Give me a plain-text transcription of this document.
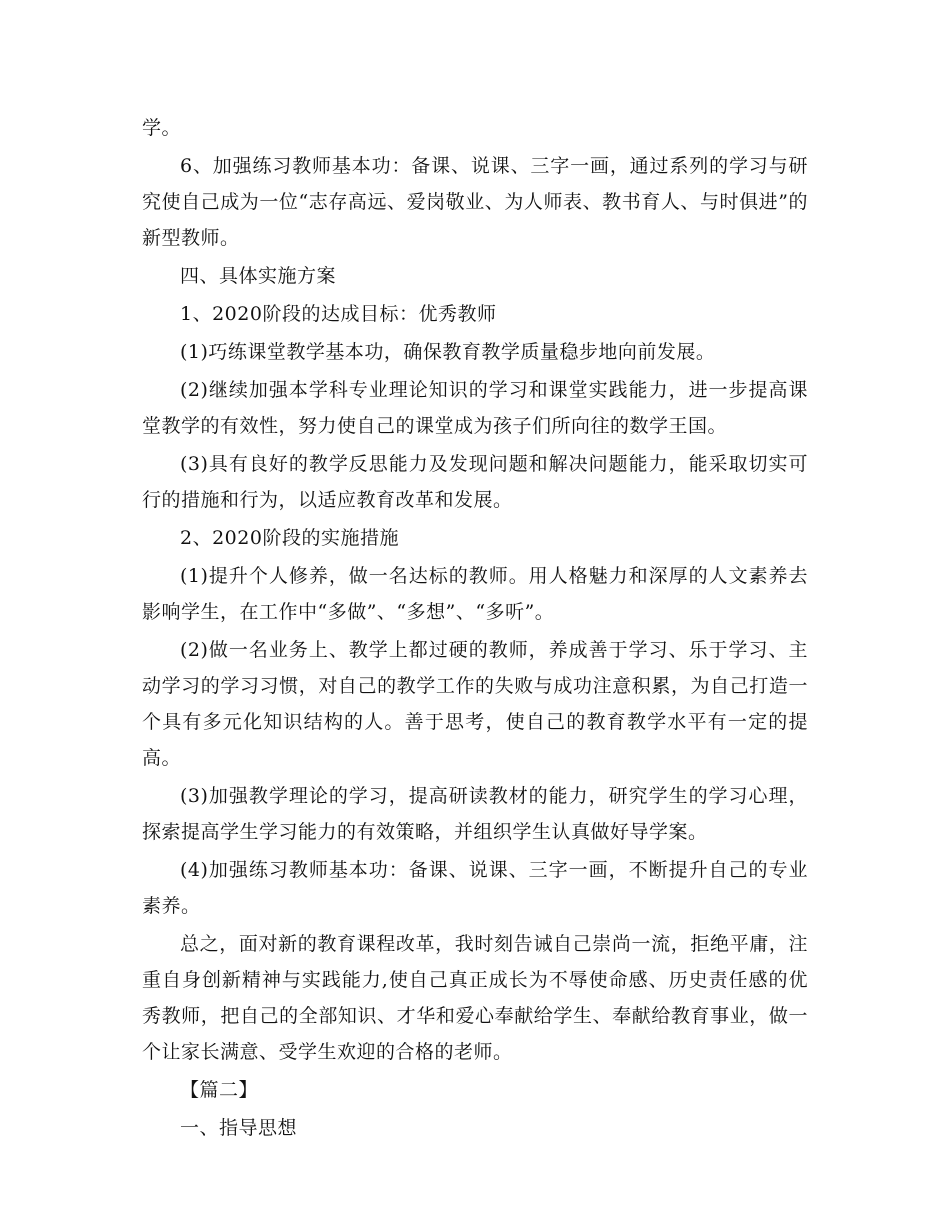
学。

6、加强练习教师基本功：备课、说课、三字一画，通过系列的学习与研究使自己成为一位“志存高远、爱岗敬业、为人师表、教书育人、与时俱进”的新型教师。

四、具体实施方案

1、2020阶段的达成目标：优秀教师

(1)巧练课堂教学基本功，确保教育教学质量稳步地向前发展。

(2)继续加强本学科专业理论知识的学习和课堂实践能力，进一步提高课堂教学的有效性，努力使自己的课堂成为孩子们所向往的数学王国。

(3)具有良好的教学反思能力及发现问题和解决问题能力，能采取切实可行的措施和行为，以适应教育改革和发展。

2、2020阶段的实施措施

(1)提升个人修养，做一名达标的教师。用人格魅力和深厚的人文素养去影响学生，在工作中“多做”、“多想”、“多听”。

(2)做一名业务上、教学上都过硬的教师，养成善于学习、乐于学习、主动学习的学习习惯，对自己的教学工作的失败与成功注意积累，为自己打造一个具有多元化知识结构的人。善于思考，使自己的教育教学水平有一定的提高。

(3)加强教学理论的学习，提高研读教材的能力，研究学生的学习心理，探索提高学生学习能力的有效策略，并组织学生认真做好导学案。

(4)加强练习教师基本功：备课、说课、三字一画，不断提升自己的专业素养。

总之，面对新的教育课程改革，我时刻告诫自己崇尚一流，拒绝平庸，注重自身创新精神与实践能力,使自己真正成长为不辱使命感、历史责任感的优秀教师，把自己的全部知识、才华和爱心奉献给学生、奉献给教育事业，做一个让家长满意、受学生欢迎的合格的老师。

【篇二】

一、指导思想
